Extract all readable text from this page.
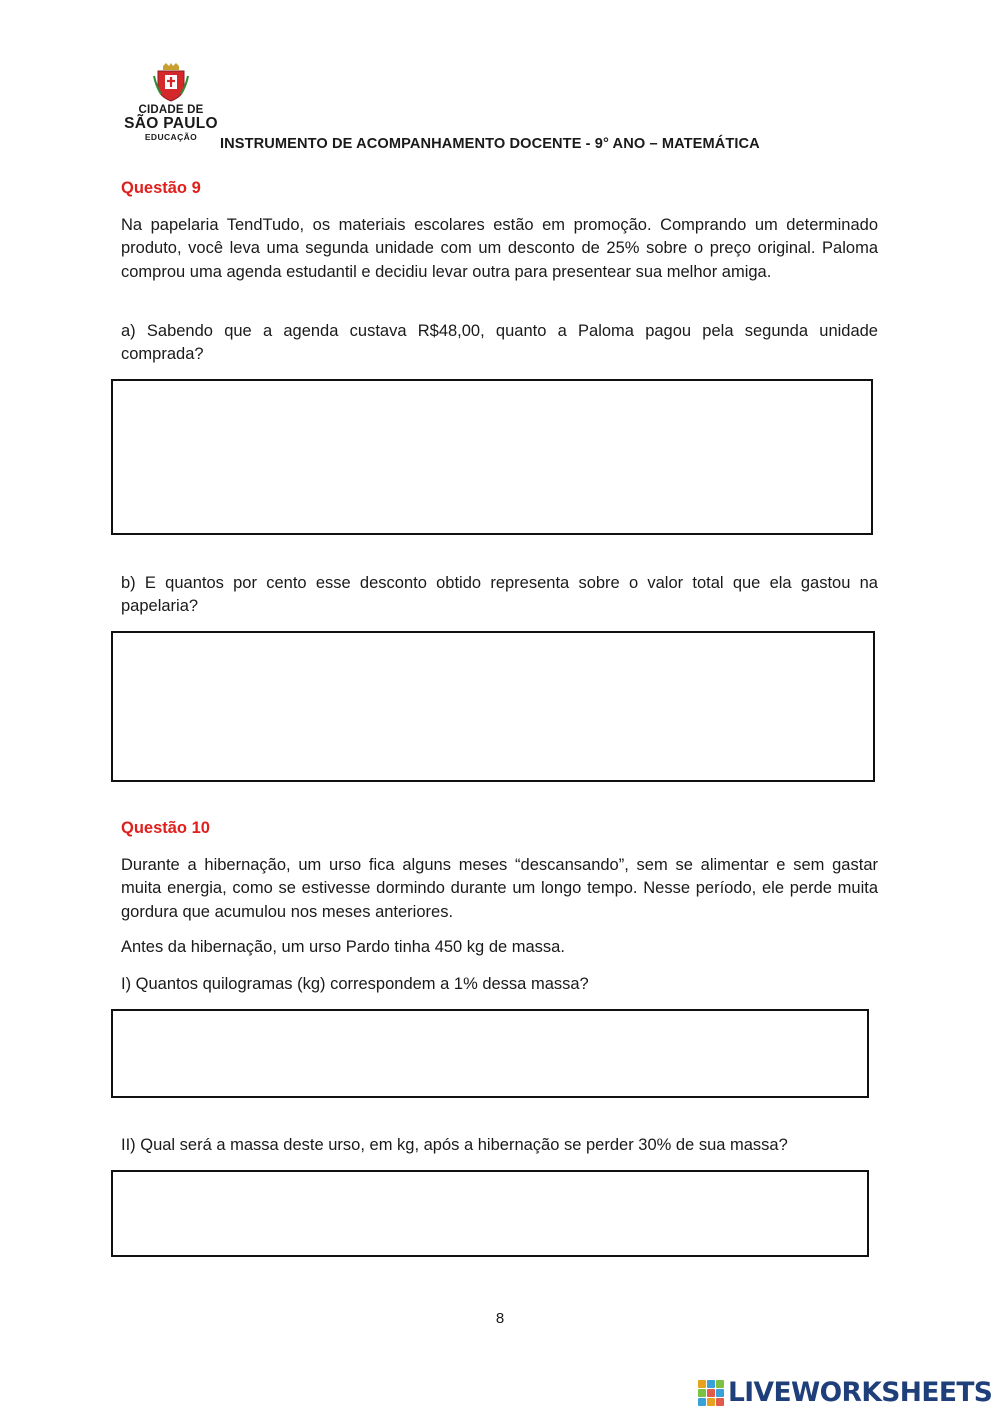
CIDADE DE
SÃO PAULO
EDUCAÇÃO	INSTRUMENTO DE ACOMPANHAMENTO DOCENTE - 9° ANO – MATEMÁTICA
Questão 9
Na papelaria TendTudo, os materiais escolares estão em promoção. Comprando um determinado produto, você leva uma segunda unidade com um desconto de 25% sobre o preço original. Paloma comprou uma agenda estudantil e decidiu levar outra para presentear sua melhor amiga.
a) Sabendo que a agenda custava R$48,00, quanto a Paloma pagou pela segunda unidade comprada?
b) E quantos por cento esse desconto obtido representa sobre o valor total que ela gastou na papelaria?
Questão 10
Durante a hibernação, um urso fica alguns meses “descansando”, sem se alimentar e sem gastar muita energia, como se estivesse dormindo durante um longo tempo. Nesse período, ele perde muita gordura que acumulou nos meses anteriores.
Antes da hibernação, um urso Pardo tinha 450 kg de massa.
I) Quantos quilogramas (kg) correspondem a 1% dessa massa?
II) Qual será a massa deste urso, em kg, após a hibernação se perder 30% de sua massa?
8
LIVEWORKSHEETS
